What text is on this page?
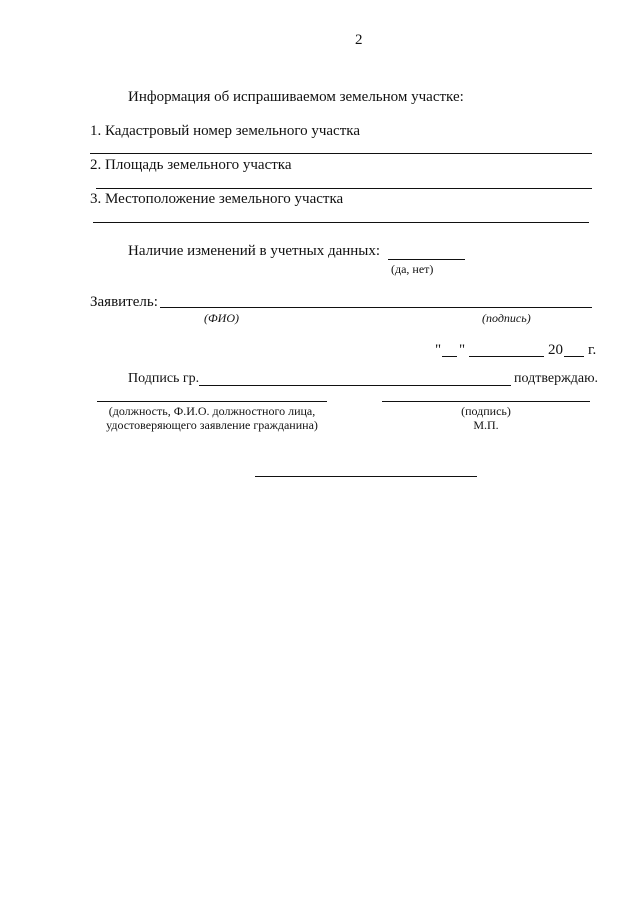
2
Информация об испрашиваемом земельном участке:
1. Кадастровый номер земельного участка
2. Площадь земельного участка
3. Местоположение земельного участка
Наличие изменений в учетных данных:
(да, нет)
Заявитель:
(ФИО)	(подпись)
" "	20 г.
Подпись гр.	подтверждаю.
(должность, Ф.И.О. должностного лица,
удостоверяющего заявление гражданина)
(подпись)
М.П.
